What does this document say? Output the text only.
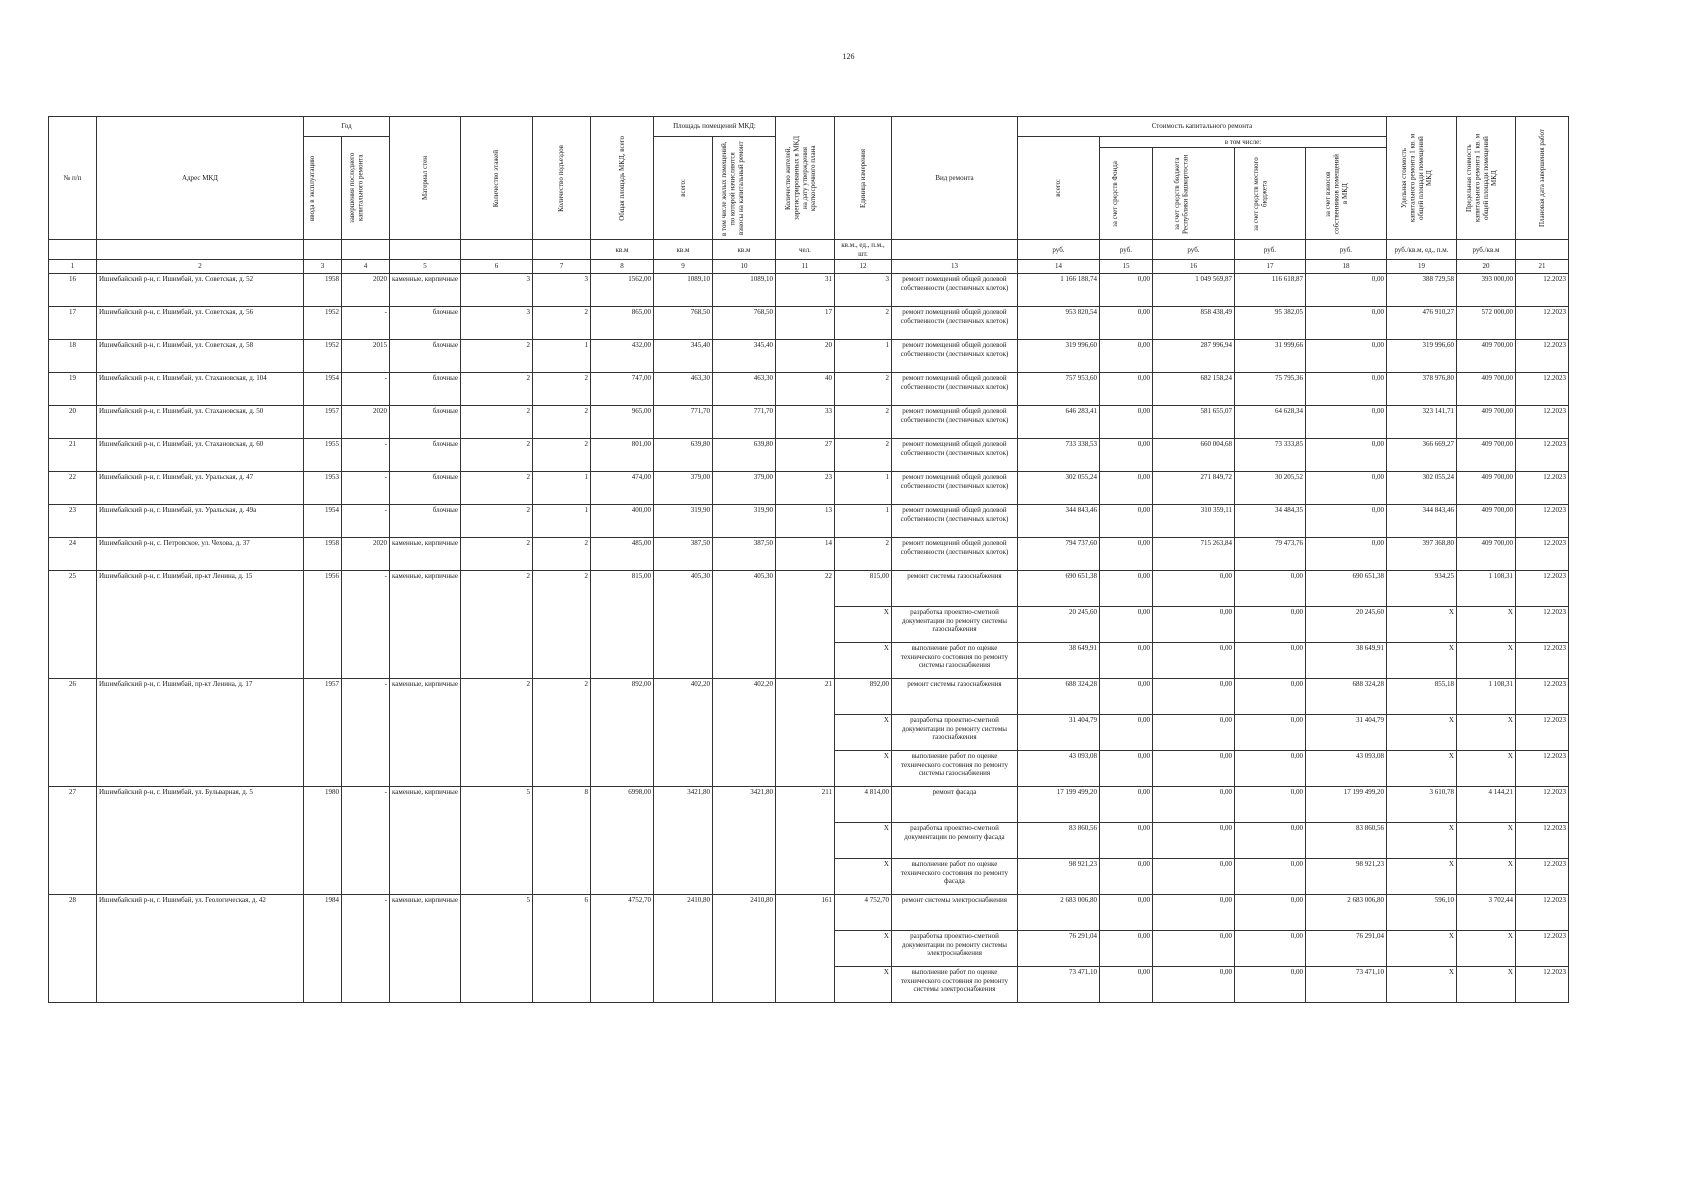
126
№ п/п	Адрес МКД	Год		Материал стен	Количество этажей	Количество подъездов	Общая площадь МКД, всего	Площадь помещений МКД:		Количество жителей, зарегистрированных в МКД на дату утверждения краткосрочного плана	Единица измерения	Вид ремонта	Стоимость капитального ремонта					Удельная стоимость капитального ремонта 1 кв. м общей площади помещений МКД	Предельная стоимость капитального ремонта 1 кв. м общей площади помещений МКД	Плановая дата завершения работ

		ввода в эксплуатацию	завершения последнего капитального ремонта					всего:	в том числе жилых помещений, по которой начисляются взносы на капитальный ремонт				всего:	в том числе:						

														за счет средств Фонда	за счет средств бюджета Республики Башкортостан	за счет средств местного бюджета	за счет взносов собственников помещений в МКД			

							кв.м	кв.м	кв.м	чел.	кв.м., ед., п.м., шт.		руб.	руб.	руб.	руб.	руб.	руб./кв.м, ед., п.м.	руб./кв.м	
1	2	3	4	5	6	7	8	9	10	11	12	13	14	15	16	17	18	19	20	21
16	Ишимбайский р-н, г. Ишимбай, ул. Советская, д. 52	1958	2020	каменные, кирпичные	3	3	1562,00	1089,10	1089,10	31	3	ремонт помещений общей долевой собственности (лестничных клеток)	1 166 188,74	0,00	1 049 569,87	116 618,87	0,00	388 729,58	393 000,00	12.2023
17	Ишимбайский р-н, г. Ишимбай, ул. Советская, д. 56	1952	-	блочные	3	2	865,00	768,50	768,50	17	2	ремонт помещений общей долевой собственности (лестничных клеток)	953 820,54	0,00	858 438,49	95 382,05	0,00	476 910,27	572 000,00	12.2023
18	Ишимбайский р-н, г. Ишимбай, ул. Советская, д. 58	1952	2015	блочные	2	1	432,00	345,40	345,40	20	1	ремонт помещений общей долевой собственности (лестничных клеток)	319 996,60	0,00	287 996,94	31 999,66	0,00	319 996,60	409 700,00	12.2023
19	Ишимбайский р-н, г. Ишимбай, ул. Стахановская, д. 104	1954	-	блочные	2	2	747,00	463,30	463,30	40	2	ремонт помещений общей долевой собственности (лестничных клеток)	757 953,60	0,00	682 158,24	75 795,36	0,00	378 976,80	409 700,00	12.2023
20	Ишимбайский р-н, г. Ишимбай, ул. Стахановская, д. 50	1957	2020	блочные	2	2	965,00	771,70	771,70	33	2	ремонт помещений общей долевой собственности (лестничных клеток)	646 283,41	0,00	581 655,07	64 628,34	0,00	323 141,71	409 700,00	12.2023
21	Ишимбайский р-н, г. Ишимбай, ул. Стахановская, д. 60	1955	-	блочные	2	2	801,00	639,80	639,80	27	2	ремонт помещений общей долевой собственности (лестничных клеток)	733 338,53	0,00	660 004,68	73 333,85	0,00	366 669,27	409 700,00	12.2023
22	Ишимбайский р-н, г. Ишимбай, ул. Уральская, д. 47	1953	-	блочные	2	1	474,00	379,00	379,00	23	1	ремонт помещений общей долевой собственности (лестничных клеток)	302 055,24	0,00	271 849,72	30 205,52	0,00	302 055,24	409 700,00	12.2023
23	Ишимбайский р-н, г. Ишимбай, ул. Уральская, д. 49а	1954	-	блочные	2	1	400,00	319,90	319,90	13	1	ремонт помещений общей долевой собственности (лестничных клеток)	344 843,46	0,00	310 359,11	34 484,35	0,00	344 843,46	409 700,00	12.2023
24	Ишимбайский р-н, с. Петровское, ул. Чехова, д. 37	1958	2020	каменные, кирпичные	2	2	485,00	387,50	387,50	14	2	ремонт помещений общей долевой собственности (лестничных клеток)	794 737,60	0,00	715 263,84	79 473,76	0,00	397 368,80	409 700,00	12.2023
25	Ишимбайский р-н, г. Ишимбай, пр-кт Ленина, д. 15	1956	-	каменные, кирпичные	2	2	815,00	405,30	405,30	22	815,00	ремонт системы газоснабжения	690 651,38	0,00	0,00	0,00	690 651,38	934,25	1 108,31	12.2023
											X	разработка проектно-сметной документации по ремонту системы газоснабжения	20 245,60	0,00	0,00	0,00	20 245,60	X	X	12.2023
											X	выполнение работ по оценке технического состояния по ремонту системы газоснабжения	38 649,91	0,00	0,00	0,00	38 649,91	X	X	12.2023
26	Ишимбайский р-н, г. Ишимбай, пр-кт Ленина, д. 17	1957	-	каменные, кирпичные	2	2	892,00	402,20	402,20	21	892,00	ремонт системы газоснабжения	688 324,28	0,00	0,00	0,00	688 324,28	855,18	1 108,31	12.2023
											X	разработка проектно-сметной документации по ремонту системы газоснабжения	31 404,79	0,00	0,00	0,00	31 404,79	X	X	12.2023
											X	выполнение работ по оценке технического состояния по ремонту системы газоснабжения	43 093,08	0,00	0,00	0,00	43 093,08	X	X	12.2023
27	Ишимбайский р-н, г. Ишимбай, ул. Бульварная, д. 5	1980	-	каменные, кирпичные	5	8	6998,00	3421,80	3421,80	211	4 814,00	ремонт фасада	17 199 499,20	0,00	0,00	0,00	17 199 499,20	3 610,78	4 144,21	12.2023
											X	разработка проектно-сметной документации по ремонту фасада	83 860,56	0,00	0,00	0,00	83 860,56	X	X	12.2023
											X	выполнение работ по оценке технического состояния по ремонту фасада	98 921,23	0,00	0,00	0,00	98 921,23	X	X	12.2023
28	Ишимбайский р-н, г. Ишимбай, ул. Геологическая, д. 42	1984	-	каменные, кирпичные	5	6	4752,70	2410,80	2410,80	161	4 752,70	ремонт системы электроснабжения	2 683 006,80	0,00	0,00	0,00	2 683 006,80	596,10	3 702,44	12.2023
											X	разработка проектно-сметной документации по ремонту системы электроснабжения	76 291,04	0,00	0,00	0,00	76 291,04	X	X	12.2023
											X	выполнение работ по оценке технического состояния по ремонту системы электроснабжения	73 471,10	0,00	0,00	0,00	73 471,10	X	X	12.2023
